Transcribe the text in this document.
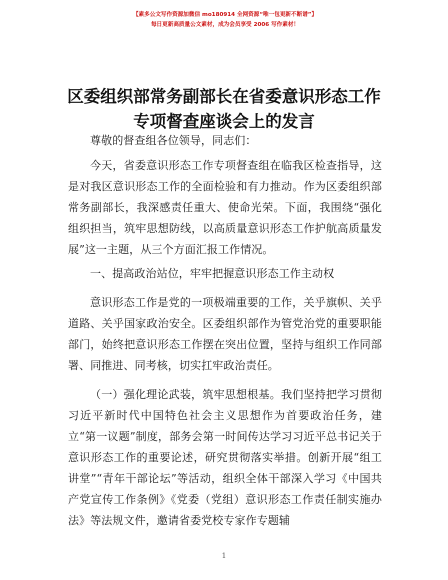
【素多公文写作资源加微信 mo180914 全网资源“唯一包更新不断谱”】
每日更新高质量公文素材，成为会员享受 2006 写作素材！
区委组织部常务副部长在省委意识形态工作专项督查座谈会上的发言

尊敬的督查组各位领导，同志们：

今天，省委意识形态工作专项督查组在临我区检查指导，这是对我区意识形态工作的全面检验和有力推动。作为区委组织部常务副部长，我深感责任重大、使命光荣。下面，我围绕“强化组织担当，筑牢思想防线，以高质量意识形态工作护航高质量发展”这一主题，从三个方面汇报工作情况。

一、提高政治站位，牢牢把握意识形态工作主动权

意识形态工作是党的一项极端重要的工作，关乎旗帜、关乎道路、关乎国家政治安全。区委组织部作为管党治党的重要职能部门，始终把意识形态工作摆在突出位置，坚持与组织工作同部署、同推进、同考核，切实扛牢政治责任。

（一）强化理论武装，筑牢思想根基。我们坚持把学习贯彻习近平新时代中国特色社会主义思想作为首要政治任务，建立“第一议题”制度，部务会第一时间传达学习习近平总书记关于意识形态工作的重要论述，研究贯彻落实举措。创新开展“组工讲堂”“青年干部论坛”等活动，组织全体干部深入学习《中国共产党宣传工作条例》《党委（党组）意识形态工作责任制实施办法》等法规文件，邀请省委党校专家作专题辅

1
